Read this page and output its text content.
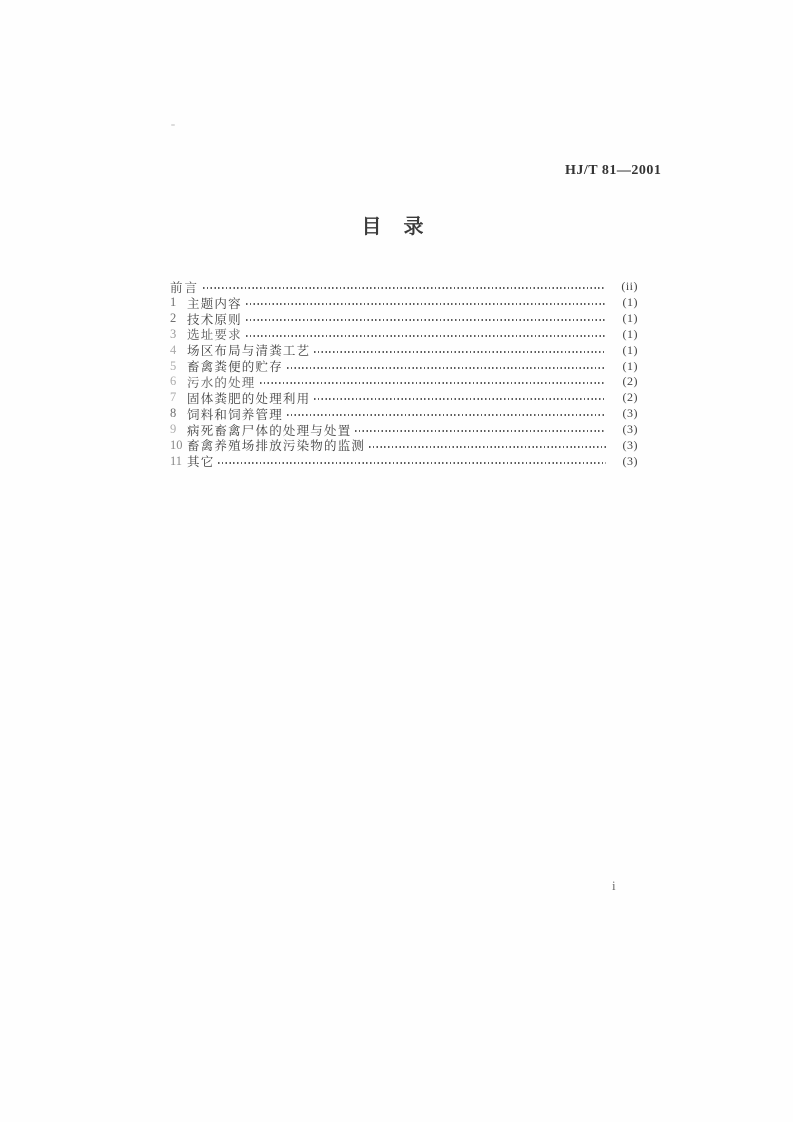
HJ/T 81—2001
目 录
前言	(ii)
1 主题内容	(1)
2 技术原则	(1)
3 选址要求	(1)
4 场区布局与清粪工艺	(1)
5 畜禽粪便的贮存	(1)
6 污水的处理	(2)
7 固体粪肥的处理利用	(2)
8 饲料和饲养管理	(3)
9 病死畜禽尸体的处理与处置	(3)
10 畜禽养殖场排放污染物的监测	(3)
11 其它	(3)
i
